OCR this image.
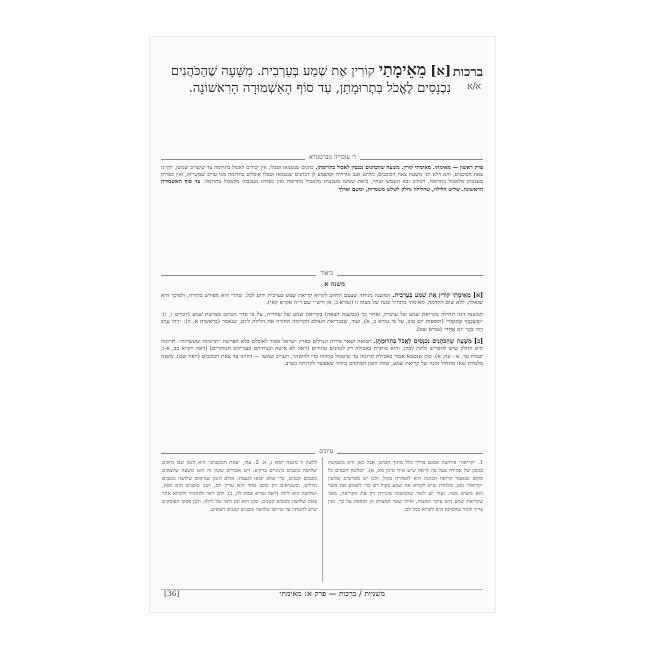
ברכות
א/א
[א] מֵאֵימָתַי קוֹרִין אֶת שְׁמַע בְּעַרְבִית. מִשָּׁעָה שֶׁהַכֹּהֲנִים נִכְנָסִים לֶאֱכֹל בִּתְרוּמָתָן, עַד סוֹף הָאַשְׁמוּרָה הָרִאשׁוֹנָה.
ר׳ עובדיה מברטנורא
פרק ראשון — מאימתי. מאימתי קורין. משעה שהכהנים נכנסין לאכול בתרומתן. כהנים שנטמאו וטבלו, אין יכולים לאכול בתרומה עד שיעריב שמשן, דהיינו צאת הכוכבים, והא דלא תני משעת צאת הכוכבים, מלתא אגב אורחיה קמשמע לן דכהנים שנטמאו וטבלו אוכלים בתרומה מכי עריב שמשייהו, ואין כפרתן מעכבתן מלאכול בתרומה, דכתיב ובא השמש וטהר, ביאת שמשו מעכבתו מלאכול בתרומה ואין כפרתו מעכבתו מלאכול בתרומה. עד סוף האשמורה הראשונה. שליש הלילה, שהלילה נחלק לשלש משמרות, ומשם ואילך
ביאור
משנה א

[א] מֵאֵימָתַי קוֹרִין אֶת שְׁמַע בְּעַרְבִית. המשנה מניחה שעצם החיוב לקרוא קריאת שמע בערבית ידוע לכל. שהרי הוא מפורש בתורה, ולפיכך היא שואלת, ללא שום הקדמה, מאימתי מתחיל זמנה של מצוה זו (גמרא ב, א; ורש״י שם ד״ה אקרא קאי).

המשנה דנה תחילה בקריאת שמע של ערבית, ואחר כך (במשנה הבאה) בקריאת שמע של שחרית, על פי סדר הכתוב בפרשת שמע (דברים ו, ז): ״וּבְשָׁכְבְּךָ וּבְקוּמֶךָ״ (תוספות יום טוב, על פי גמרא ב, א). ועוד, שבבריאת העולם הקדימה התורה את הלילה ליום, שנאמר (בראשית א, ה): ״וַיְהִי עֶרֶב וַיְהִי בֹקֶר יוֹם אֶחָד״ (גמרא שם).

[ב] מִשָּׁעָה שֶׁהַכֹּהֲנִים נִכְנָסִים לֶאֱכֹל בִּתְרוּמָתָן. תבואה ושאר פירות הגדלים בארץ ישראל אסור לאוכלם בלא הפרשת ״תרומות ומעשרות״. תרומה היא החלק שיש להפריש ולתת לכהן, והיא מותרת באכילה רק לכהנים טהורים (ראה לא אישה ובנותיהם ועבדיהם הטהורים) (ראה ויקרא כב, א-ז; יבמות עד, א - עה, א). כהן שנטמא אסור באכילת תרומה עד שיטבול במקוה כדי להיטהר, ויעריב שמשו — דהיינו עד צאת הכוכבים (ראה שם). משנה מלמדת שאז מתחיל זמנה של קריאת שמע, שזהו הזמן המוקדם ביותר שאפשר לקרותה בערב.

עיונים
1. ״קריאה״ פירושה אמנם בדרך כלל מתוך הכתב, אבל כאן היא משמשת במובן של אמירה בעל פה (ראה ש״ע א״ח סימן סא, א). ״ובלשון חכמים כל מקום שנאמר קריאה הכוונה היא לאמירה בקול, ולכן יש מפרשים שלשון ״קריאה״ כאן, מלמדת שיש לקרוא את שמע בקול רם כדי לשמוע את אשר הוא מוציא מפיו. ועוד יש לומר שהמשנה מזכירה רק את הקריאה, מפני שקריאת שמע היא עיקר המצוה, ואילו שאר המצוות הן תוספת על כך, ואין צריך לומר שהכוונה היא לקרוא בכל לבו.
ללשון זו משנה יומא ג, א. 2. עוד, ״צאת הכוכבים״ היא הזמן שבו נראים שלושה כוכבים בינוניים ברקיע. ויש אומרים שזמן זה הוא משעה שיוצאים כוכבים קטנים, כדי שלא יבואו לטעות. אולם הזמן שנראים שלושה כוכבים גדולים, וכשנראים רק כוכב אחד הוא עדיין יום, ושני כוכבים הוא ספק, ושלושה הוא לילה (ראה גמרא שבת לה, ב). ולכן ראוי להחמיר ולקרוא אחר צאת שלושה כוכבים קטנים, שכן הוא זמן ודאי של לילה. ולכן פסקו הפוסקים שיש להמתין עד שיראו שלושה כוכבים קטנים רצופים.
משניות / ברכות — פרק א: מאימתי
[36]
